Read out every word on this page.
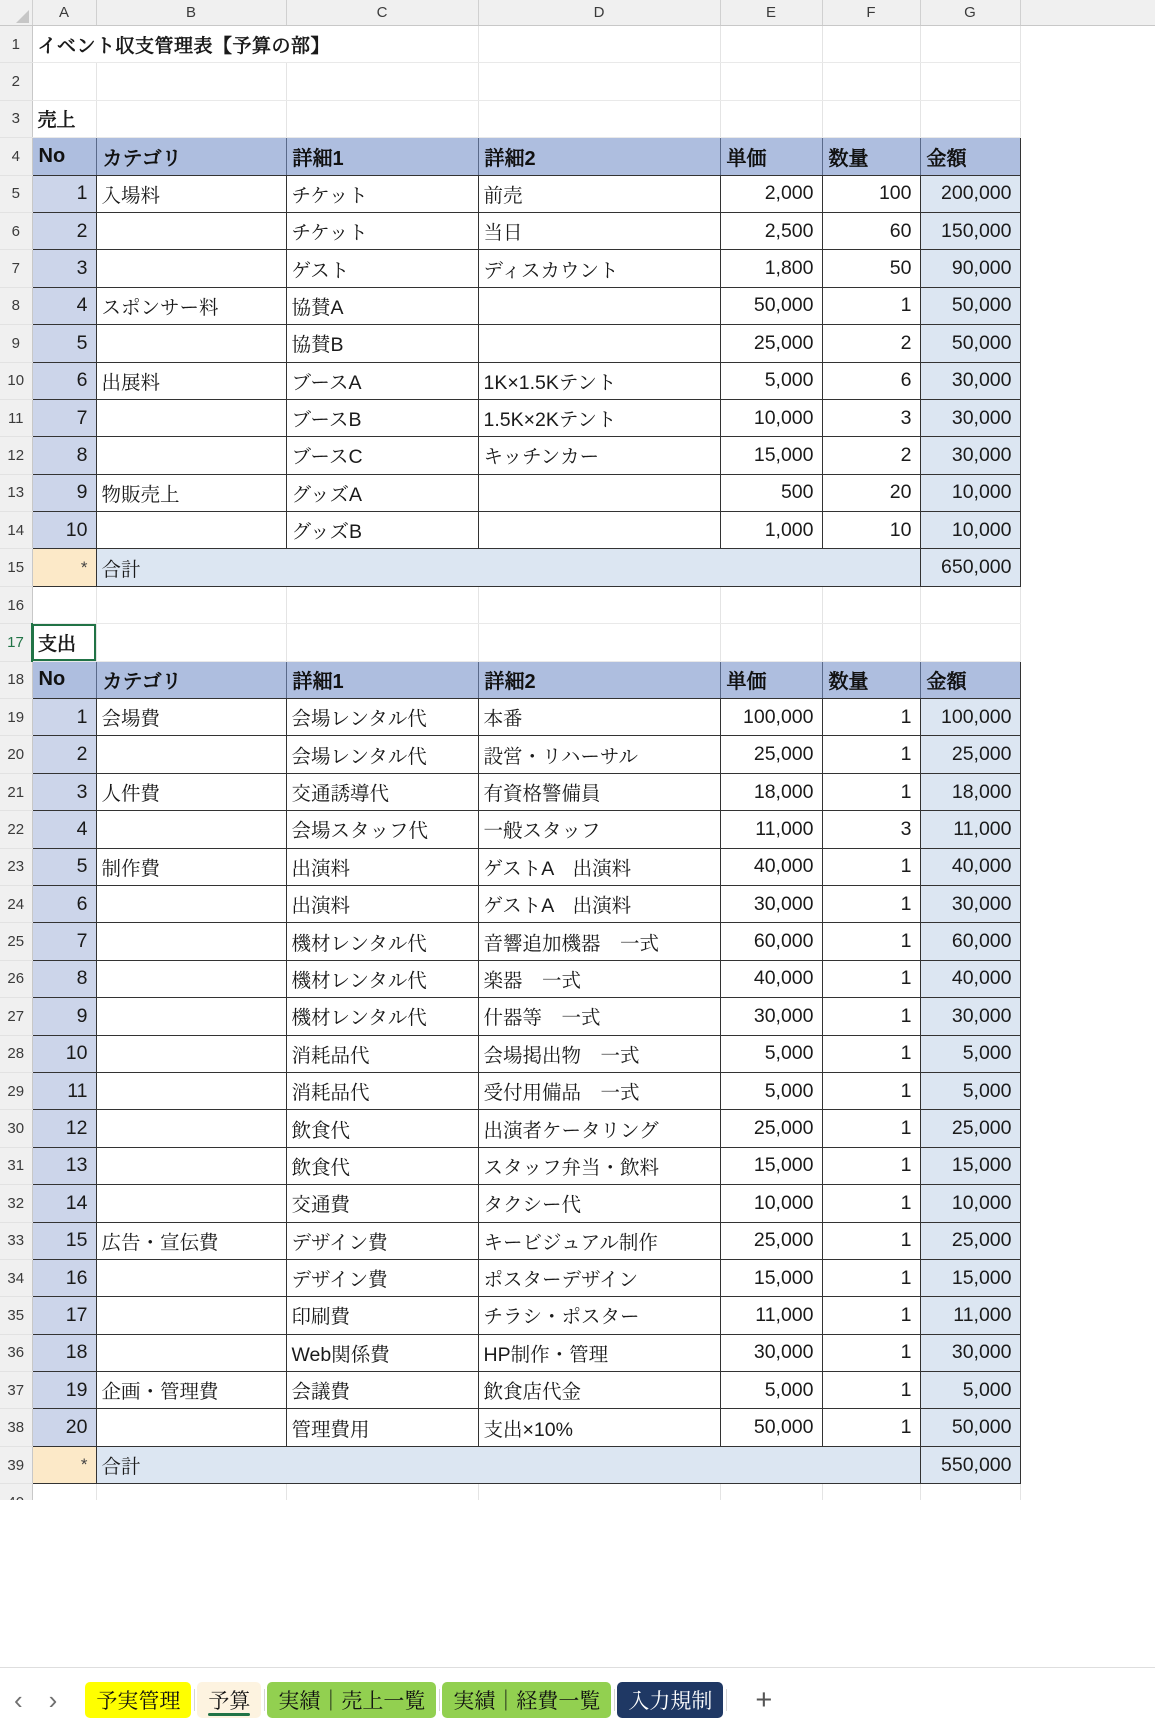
	A	B	C	D	E	F	G	
1	イベント収支管理表【予算の部】							
2								
3	売上							
4	No	カテゴリ	詳細1	詳細2	単価	数量	金額	
5	1	入場料	チケット	前売	2,000	100	200,000	
6	2		チケット	当日	2,500	60	150,000	
7	3		ゲスト	ディスカウント	1,800	50	90,000	
8	4	スポンサー料	協賛A		50,000	1	50,000	
9	5		協賛B		25,000	2	50,000	
10	6	出展料	ブースA	1K×1.5Kテント	5,000	6	30,000	
11	7		ブースB	1.5K×2Kテント	10,000	3	30,000	
12	8		ブースC	キッチンカー	15,000	2	30,000	
13	9	物販売上	グッズA		500	20	10,000	
14	10		グッズB		1,000	10	10,000	
15	*	合計					650,000	
16								
17	支出							
18	No	カテゴリ	詳細1	詳細2	単価	数量	金額	
19	1	会場費	会場レンタル代	本番	100,000	1	100,000	
20	2		会場レンタル代	設営・リハーサル	25,000	1	25,000	
21	3	人件費	交通誘導代	有資格警備員	18,000	1	18,000	
22	4		会場スタッフ代	一般スタッフ	11,000	3	11,000	
23	5	制作費	出演料	ゲストA　出演料	40,000	1	40,000	
24	6		出演料	ゲストA　出演料	30,000	1	30,000	
25	7		機材レンタル代	音響追加機器　一式	60,000	1	60,000	
26	8		機材レンタル代	楽器　一式	40,000	1	40,000	
27	9		機材レンタル代	什器等　一式	30,000	1	30,000	
28	10		消耗品代	会場掲出物　一式	5,000	1	5,000	
29	11		消耗品代	受付用備品　一式	5,000	1	5,000	
30	12		飲食代	出演者ケータリング	25,000	1	25,000	
31	13		飲食代	スタッフ弁当・飲料	15,000	1	15,000	
32	14		交通費	タクシー代	10,000	1	10,000	
33	15	広告・宣伝費	デザイン費	キービジュアル制作	25,000	1	25,000	
34	16		デザイン費	ポスターデザイン	15,000	1	15,000	
35	17		印刷費	チラシ・ポスター	11,000	1	11,000	
36	18		Web関係費	HP制作・管理	30,000	1	30,000	
37	19	企画・管理費	会議費	飲食店代金	5,000	1	5,000	
38	20		管理費用	支出×10%	50,000	1	50,000	
39	*	合計					550,000	

‹ › 予実管理 予算 実績｜売上一覧 実績｜経費一覧 入力規制 +
